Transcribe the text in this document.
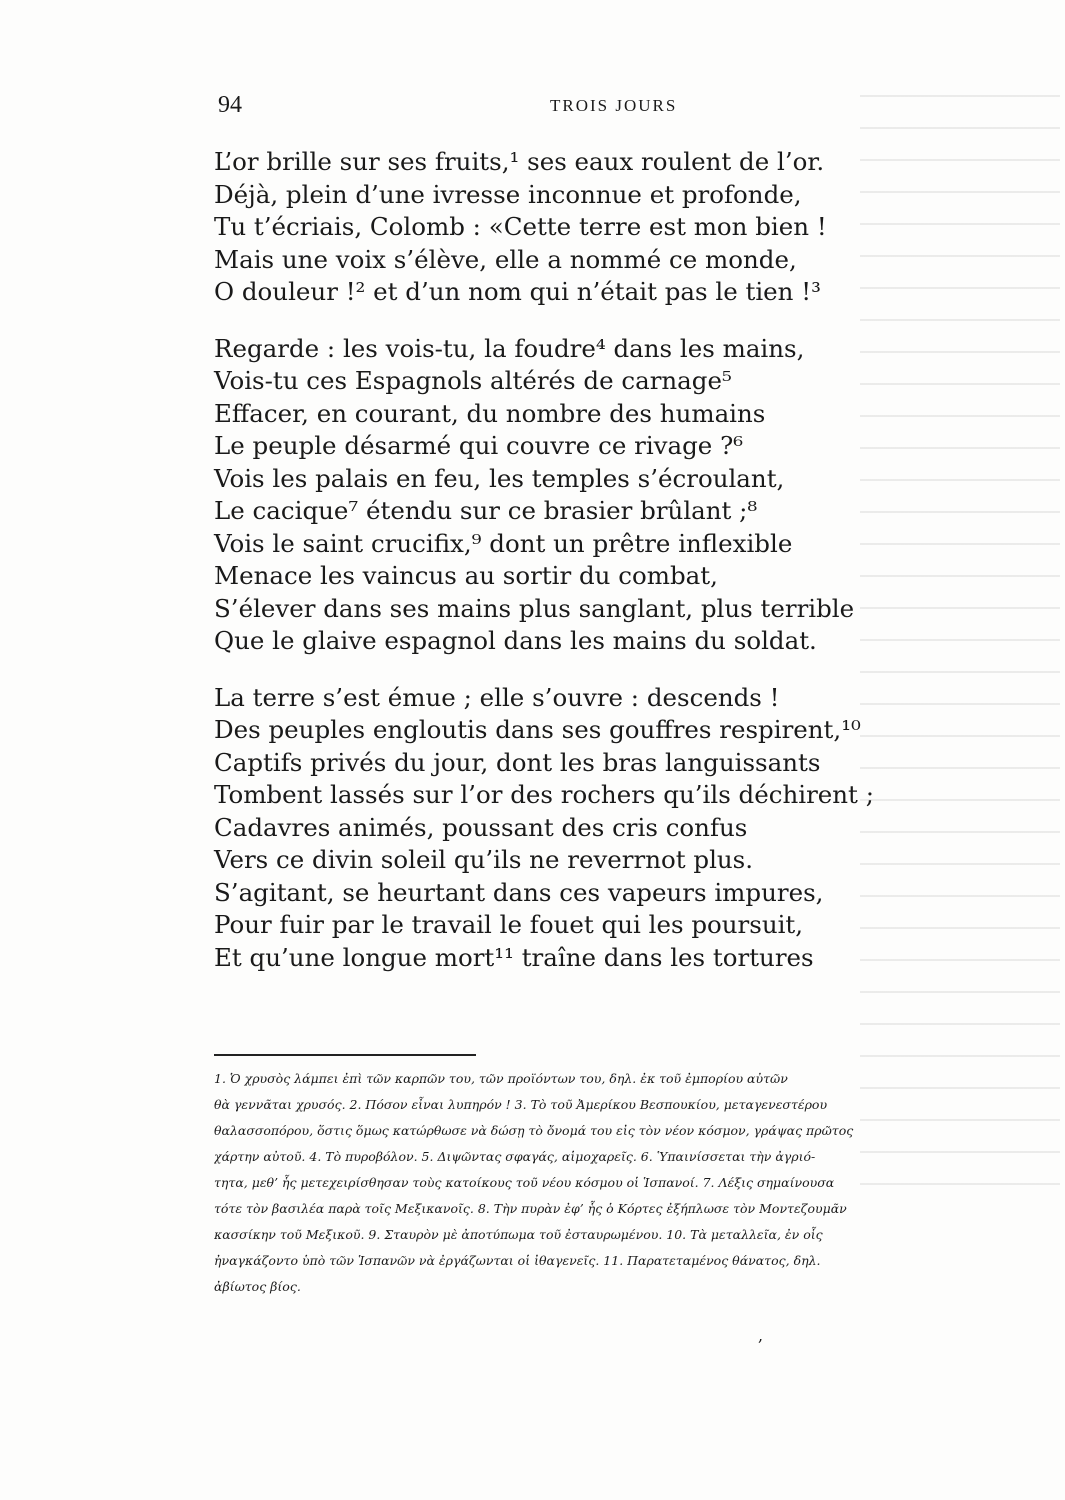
94	TROIS JOURS
L’or brille sur ses fruits,¹ ses eaux roulent de l’or.
Déjà, plein d’une ivresse inconnue et profonde,
Tu t’écriais, Colomb : «Cette terre est mon bien !
Mais une voix s’élève, elle a nommé ce monde,
O douleur !² et d’un nom qui n’était pas le tien !³
Regarde : les vois-tu, la foudre⁴ dans les mains,
Vois-tu ces Espagnols altérés de carnage⁵
Effacer, en courant, du nombre des humains
Le peuple désarmé qui couvre ce rivage ?⁶
Vois les palais en feu, les temples s’écroulant,
Le cacique⁷ étendu sur ce brasier brûlant ;⁸
Vois le saint crucifix,⁹ dont un prêtre inflexible
Menace les vaincus au sortir du combat,
S’élever dans ses mains plus sanglant, plus terrible
Que le glaive espagnol dans les mains du soldat.
La terre s’est émue ; elle s’ouvre : descends !
Des peuples engloutis dans ses gouffres respirent,¹⁰
Captifs privés du jour, dont les bras languissants
Tombent lassés sur l’or des rochers qu’ils déchirent ;
Cadavres animés, poussant des cris confus
Vers ce divin soleil qu’ils ne reverrnot plus.
S’agitant, se heurtant dans ces vapeurs impures,
Pour fuir par le travail le fouet qui les poursuit,
Et qu’une longue mort¹¹ traîne dans les tortures
1. Ὁ χρυσὸς λάμπει ἐπὶ τῶν καρπῶν του, τῶν προϊόντων του, δηλ. ἐκ τοῦ ἐμπορίου αὐτῶν
θὰ γεννᾶται χρυσός. 2. Πόσον εἶναι λυπηρόν ! 3. Τὸ τοῦ Ἀμερίκου Βεσπουκίου, μεταγενεστέρου
θαλασσοπόρου, ὅστις ὅμως κατώρθωσε νὰ δώσῃ τὸ ὄνομά του εἰς τὸν νέον κόσμον, γράψας πρῶτος
χάρτην αὐτοῦ. 4. Τὸ πυροβόλον. 5. Διψῶντας σφαγάς, αἱμοχαρεῖς. 6. Ὑπαινίσσεται τὴν ἀγριό-
τητα, μεθ’ ἧς μετεχειρίσθησαν τοὺς κατοίκους τοῦ νέου κόσμου οἱ Ἱσπανοί. 7. Λέξις σημαίνουσα
τότε τὸν βασιλέα παρὰ τοῖς Μεξικανοῖς. 8. Τὴν πυρὰν ἐφ’ ἧς ὁ Κόρτες ἐξήπλωσε τὸν Μοντεζουμᾶν
κασσίκην τοῦ Μεξικοῦ. 9. Σταυρὸν μὲ ἀποτύπωμα τοῦ ἐσταυρωμένου. 10. Τὰ μεταλλεῖα, ἐν οἷς
ἠναγκάζοντο ὑπὸ τῶν Ἱσπανῶν νὰ ἐργάζωνται οἱ ἰθαγενεῖς. 11. Παρατεταμένος θάνατος, δηλ.
ἀβίωτος βίος.
,
